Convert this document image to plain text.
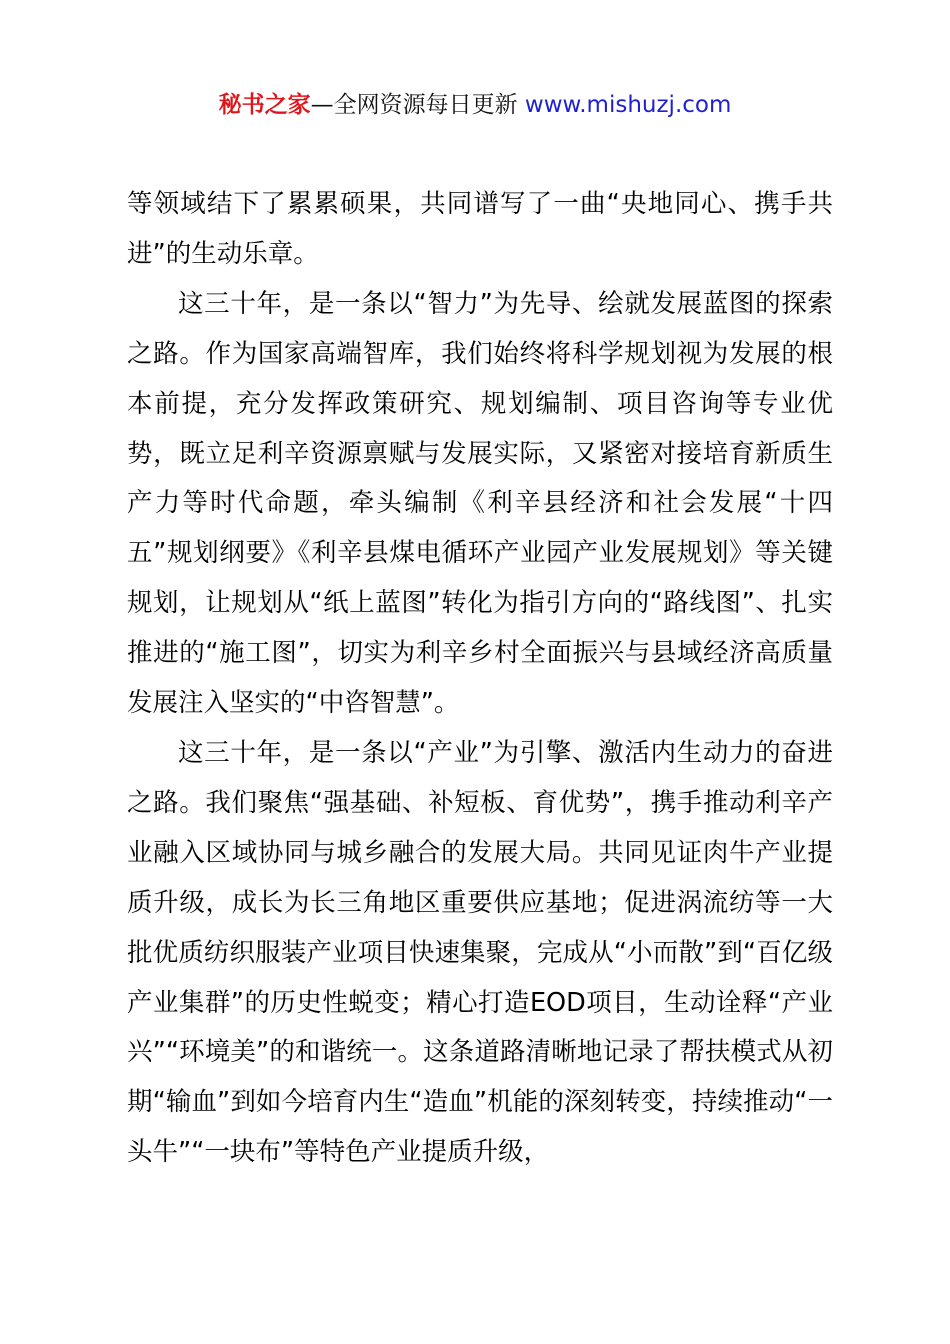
秘书之家—全网资源每日更新 www.mishuzj.com

等领域结下了累累硕果，共同谱写了一曲“央地同心、携手共进”的生动乐章。

这三十年，是一条以“智力”为先导、绘就发展蓝图的探索之路。作为国家高端智库，我们始终将科学规划视为发展的根本前提，充分发挥政策研究、规划编制、项目咨询等专业优势，既立足利辛资源禀赋与发展实际，又紧密对接培育新质生产力等时代命题，牵头编制《利辛县经济和社会发展“十四五”规划纲要》《利辛县煤电循环产业园产业发展规划》等关键规划，让规划从“纸上蓝图”转化为指引方向的“路线图”、扎实推进的“施工图”，切实为利辛乡村全面振兴与县域经济高质量发展注入坚实的“中咨智慧”。

这三十年，是一条以“产业”为引擎、激活内生动力的奋进之路。我们聚焦“强基础、补短板、育优势”，携手推动利辛产业融入区域协同与城乡融合的发展大局。共同见证肉牛产业提质升级，成长为长三角地区重要供应基地；促进涡流纺等一大批优质纺织服装产业项目快速集聚，完成从“小而散”到“百亿级产业集群”的历史性蜕变；精心打造EOD项目，生动诠释“产业兴”“环境美”的和谐统一。这条道路清晰地记录了帮扶模式从初期“输血”到如今培育内生“造血”机能的深刻转变，持续推动“一头牛”“一块布”等特色产业提质升级，
